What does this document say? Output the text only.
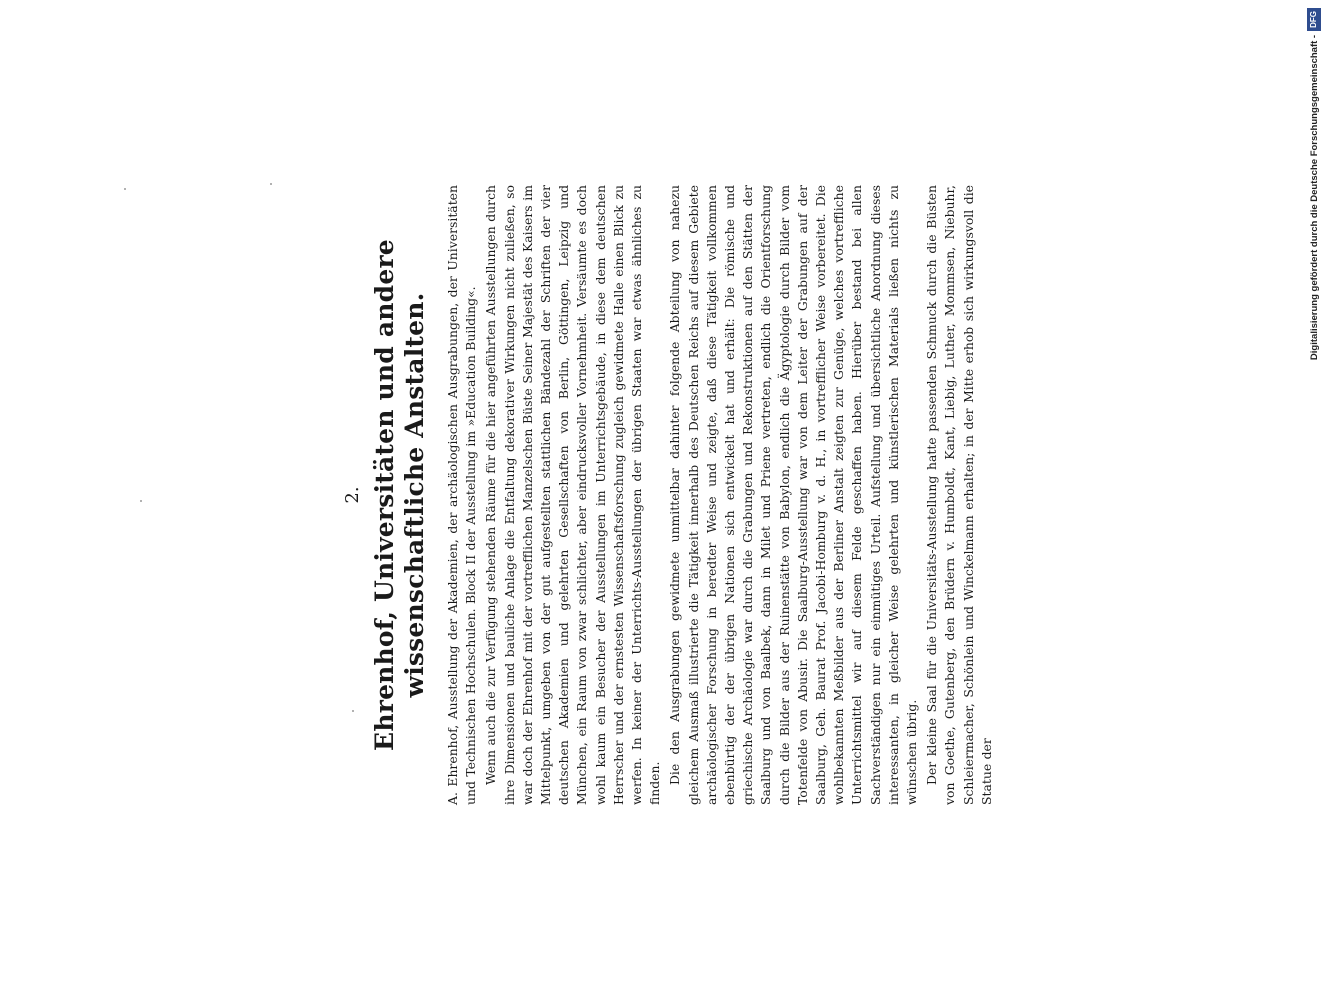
2. Ehrenhof, Universitäten und andere wissenschaftliche Anstalten. A. Ehrenhof, Ausstellung der Akademien, der archäologischen Ausgrabungen, der Universitäten und Technischen Hochschulen. Block II der Ausstellung im »Education Building«. Wenn auch die zur Verfügung stehenden Räume für die hier angeführten Ausstellungen durch ihre Dimensionen und bauliche Anlage die Entfaltung dekorativer Wirkungen nicht zuließen, so war doch der Ehrenhof mit der vortrefflichen Manzelschen Büste Seiner Majestät des Kaisers im Mittelpunkt, umgeben von der gut aufgestellten stattlichen Bändezahl der Schriften der vier deutschen Akademien und gelehrten Gesellschaften von Berlin, Göttingen, Leipzig und München, ein Raum von zwar schlichter, aber eindrucksvoller Vornehmheit. Versäumte es doch wohl kaum ein Besucher der Ausstellungen im Unterrichtsgebäude, in diese dem deutschen Herrscher und der ernstesten Wissenschaftsforschung zugleich gewidmete Halle einen Blick zu werfen. In keiner der Unterrichts-Ausstellungen der übrigen Staaten war etwas ähnliches zu finden. Die den Ausgrabungen gewidmete unmittelbar dahinter folgende Abteilung von nahezu gleichem Ausmaß illustrierte die Tätigkeit innerhalb des Deutschen Reichs auf diesem Gebiete archäologischer Forschung in beredter Weise und zeigte, daß diese Tätigkeit vollkommen ebenbürtig der der übrigen Nationen sich entwickelt hat und erhält: Die römische und griechische Archäologie war durch die Grabungen und Rekonstruktionen auf den Stätten der Saalburg und von Baalbek, dann in Milet und Priene vertreten, endlich die Orientforschung durch die Bilder aus der Ruinenstätte von Babylon, endlich die Ägyptologie durch Bilder vom Totenfelde von Abusir. Die Saalburg-Ausstellung war von dem Leiter der Grabungen auf der Saalburg, Geh. Baurat Prof. Jacobi-Homburg v. d. H., in vortrefflicher Weise vorbereitet. Die wohlbekannten Meßbilder aus der Berliner Anstalt zeigten zur Genüge, welches vortreffliche Unterrichtsmittel wir auf diesem Felde geschaffen haben. Hierüber bestand bei allen Sachverständigen nur ein einmütiges Urteil. Aufstellung und übersichtliche Anordnung dieses interessanten, in gleicher Weise gelehrten und künstlerischen Materials ließen nichts zu wünschen übrig. Der kleine Saal für die Universitäts-Ausstellung hatte passenden Schmuck durch die Büsten von Goethe, Gutenberg, den Brüdern v. Humboldt, Kant, Liebig, Luther, Mommsen, Niebuhr, Schleiermacher, Schönlein und Winckelmann erhalten; in der Mitte erhob sich wirkungsvoll die Statue der

Digitalisierung gefördert durch die Deutsche Forschungsgemeinschaft -
DFG
